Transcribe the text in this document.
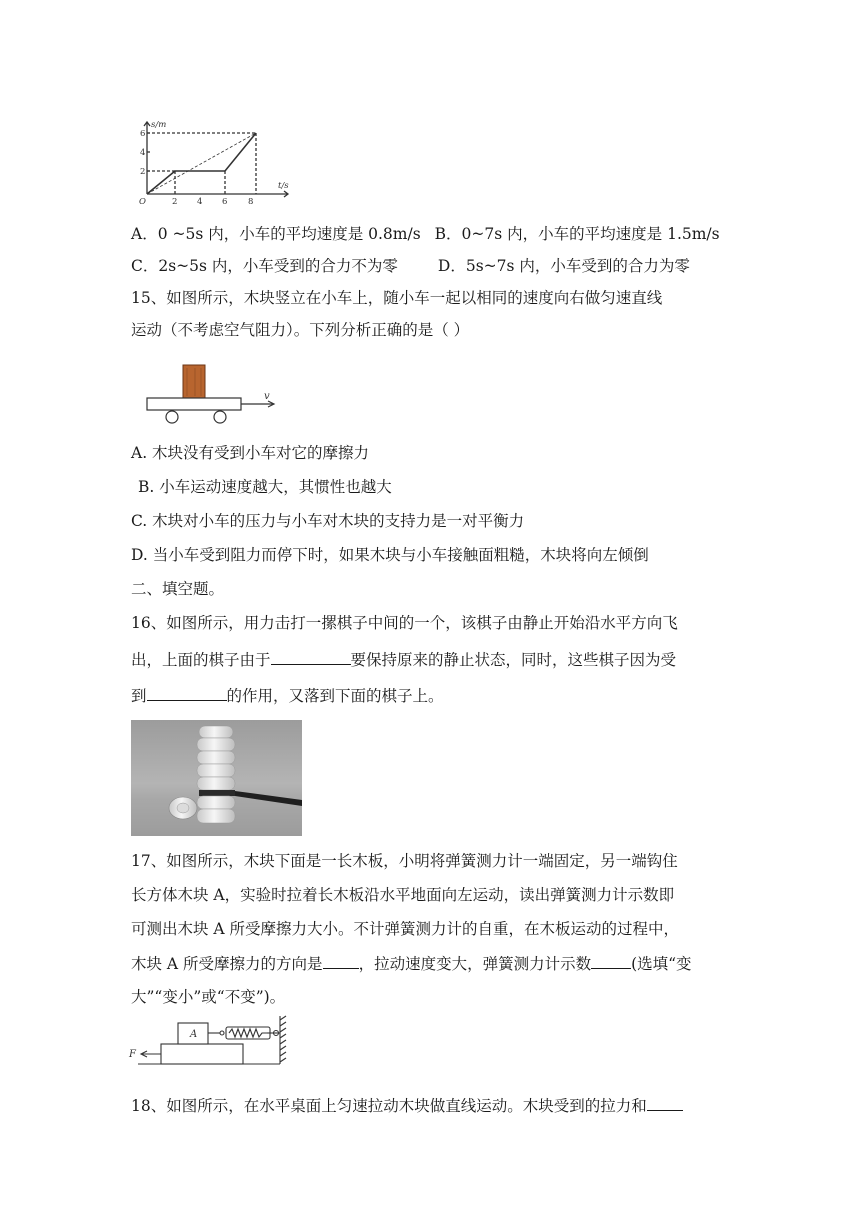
s/m
t/s
O
2
4
6
2 4 6 8
A．0 ~5s 内，小车的平均速度是 0.8m/s B．0~7s 内，小车的平均速度是 1.5m/s
C．2s~5s 内，小车受到的合力不为零	D．5s~7s 内，小车受到的合力为零
15、如图所示，木块竖立在小车上，随小车一起以相同的速度向右做匀速直线
运动（不考虑空气阻力）。下列分析正确的是（ ）
v
A. 木块没有受到小车对它的摩擦力
B. 小车运动速度越大，其惯性也越大
C. 木块对小车的压力与小车对木块的支持力是一对平衡力
D. 当小车受到阻力而停下时，如果木块与小车接触面粗糙，木块将向左倾倒
二、填空题。
16、如图所示，用力击打一摞棋子中间的一个，该棋子由静止开始沿水平方向飞
出，上面的棋子由于	要保持原来的静止状态，同时，这些棋子因为受
到	的作用，又落到下面的棋子上。
17、如图所示，木块下面是一长木板，小明将弹簧测力计一端固定，另一端钩住
长方体木块 A，实验时拉着长木板沿水平地面向左运动，读出弹簧测力计示数即
可测出木块 A 所受摩擦力大小。不计弹簧测力计的自重，在木板运动的过程中，
木块 A 所受摩擦力的方向是 ，拉动速度变大，弹簧测力计示数	(选填“变
大”“变小”或“不变”)。
A
F
18、如图所示，在水平桌面上匀速拉动木块做直线运动。木块受到的拉力和
